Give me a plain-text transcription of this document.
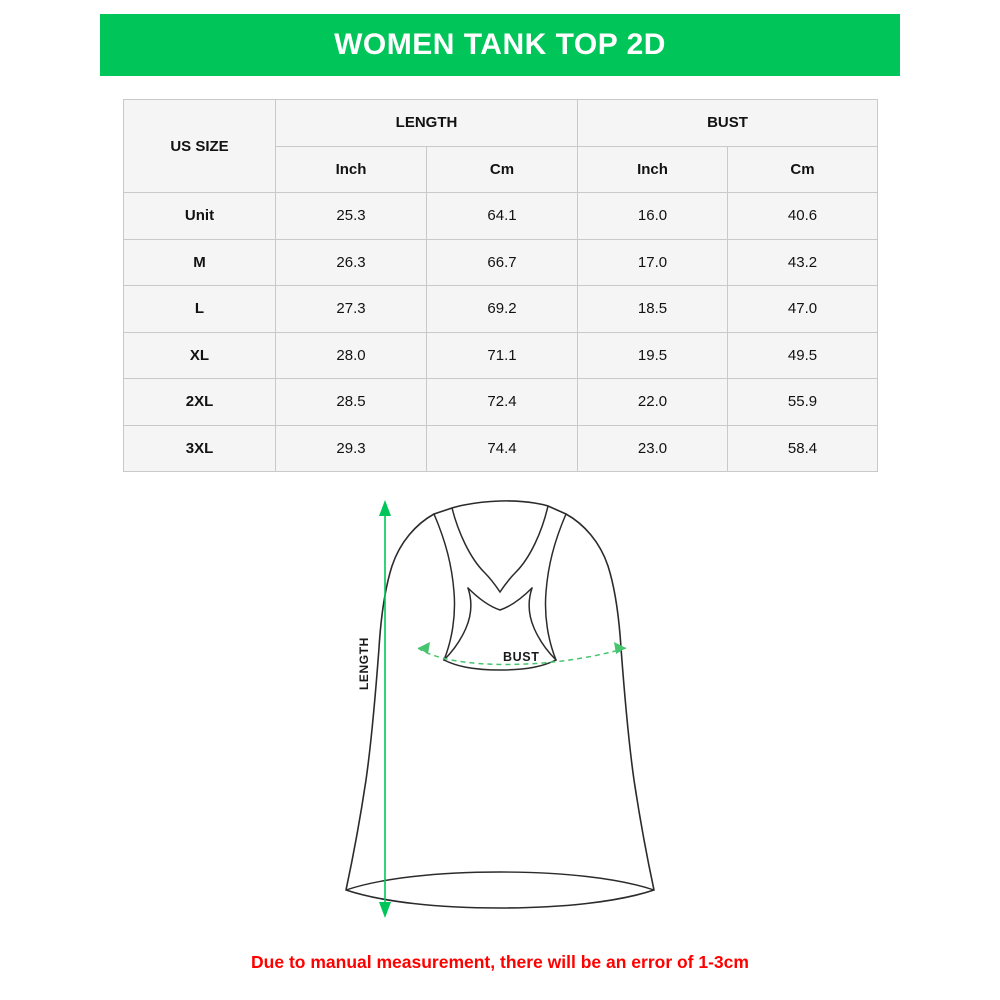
WOMEN TANK TOP 2D
US SIZE	LENGTH		BUST	
	Inch	Cm	Inch	Cm
Unit	25.3	64.1	16.0	40.6
M	26.3	66.7	17.0	43.2
L	27.3	69.2	18.5	47.0
XL	28.0	71.1	19.5	49.5
2XL	28.5	72.4	22.0	55.9
3XL	29.3	74.4	23.0	58.4
BUST
LENGTH
Due to manual measurement, there will be an error of 1-3cm
